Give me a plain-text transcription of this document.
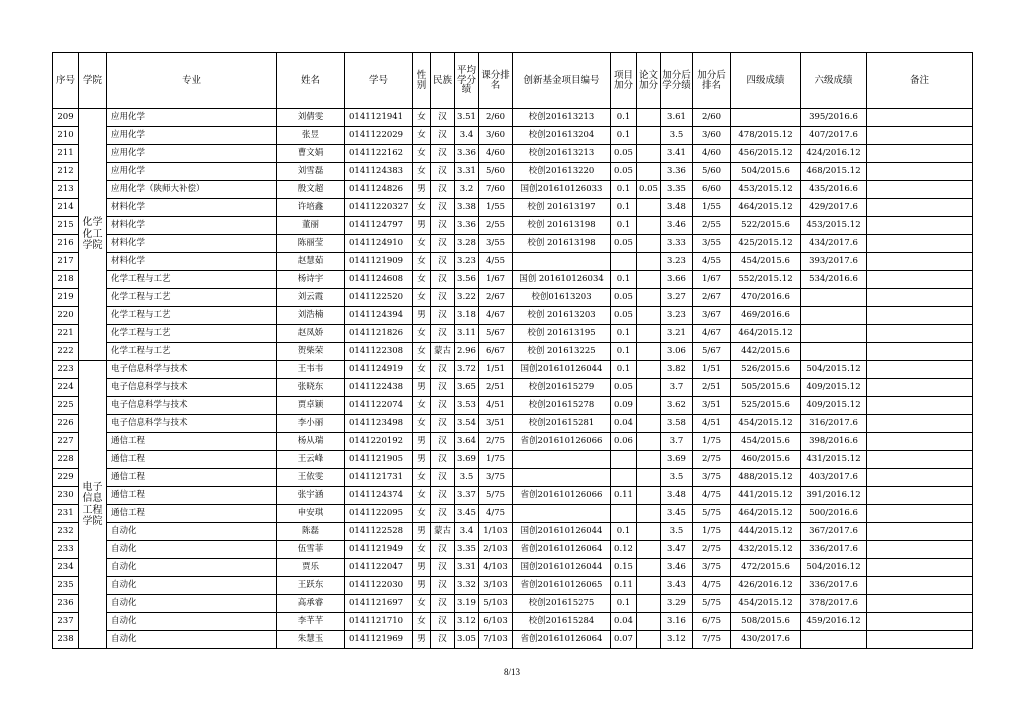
序号	学院	专业	姓名	学号	性别	民族	平均学分绩	课分排名	创新基金项目编号	项目加分	论文加分	加分后学分绩	加分后排名	四级成绩	六级成绩	备注
209	化学化工学院	应用化学	刘倩雯	0141121941	女	汉	3.51	2/60	校创201613213	0.1		3.61	2/60		395/2016.6	
210		应用化学	张昱	0141122029	女	汉	3.4	3/60	校创201613204	0.1		3.5	3/60	478/2015.12	407/2017.6	
211		应用化学	曹文娟	0141122162	女	汉	3.36	4/60	校创201613213	0.05		3.41	4/60	456/2015.12	424/2016.12	
212		应用化学	刘雪磊	0141124383	女	汉	3.31	5/60	校创201613220	0.05		3.36	5/60	504/2015.6	468/2015.12	
213		应用化学（陕师大补偿）	殷文超	0141124826	男	汉	3.2	7/60	国创201610126033	0.1	0.05	3.35	6/60	453/2015.12	435/2016.6	
214		材料化学	许培鑫	01411220327	女	汉	3.38	1/55	校创 201613197	0.1		3.48	1/55	464/2015.12	429/2017.6	
215		材料化学	董丽	0141124797	男	汉	3.36	2/55	校创 201613198	0.1		3.46	2/55	522/2015.6	453/2015.12	
216		材料化学	陈丽莹	0141124910	女	汉	3.28	3/55	校创 201613198	0.05		3.33	3/55	425/2015.12	434/2017.6	
217		材料化学	赵慧茹	0141121909	女	汉	3.23	4/55				3.23	4/55	454/2015.6	393/2017.6	
218		化学工程与工艺	杨诗宇	0141124608	女	汉	3.56	1/67	国创 201610126034	0.1		3.66	1/67	552/2015.12	534/2016.6	
219		化学工程与工艺	刘云霞	0141122520	女	汉	3.22	2/67	校创01613203	0.05		3.27	2/67	470/2016.6		
220		化学工程与工艺	刘浩楠	0141124394	男	汉	3.18	4/67	校创 201613203	0.05		3.23	3/67	469/2016.6		
221		化学工程与工艺	赵凤娇	0141121826	女	汉	3.11	5/67	校创 201613195	0.1		3.21	4/67	464/2015.12		
222		化学工程与工艺	贺柴荣	0141122308	女	蒙古	2.96	6/67	校创 201613225	0.1		3.06	5/67	442/2015.6		
223	电子信息工程学院	电子信息科学与技术	王韦韦	0141124919	女	汉	3.72	1/51	国创201610126044	0.1		3.82	1/51	526/2015.6	504/2015.12	
224		电子信息科学与技术	张晓东	0141122438	男	汉	3.65	2/51	校创201615279	0.05		3.7	2/51	505/2015.6	409/2015.12	
225		电子信息科学与技术	贾卓颖	0141122074	女	汉	3.53	4/51	校创201615278	0.09		3.62	3/51	525/2015.6	409/2015.12	
226		电子信息科学与技术	李小丽	0141123498	女	汉	3.54	3/51	校创201615281	0.04		3.58	4/51	454/2015.12	316/2017.6	
227		通信工程	杨从瑞	0141220192	男	汉	3.64	2/75	省创201610126066	0.06		3.7	1/75	454/2015.6	398/2016.6	
228		通信工程	王云峰	0141121905	男	汉	3.69	1/75				3.69	2/75	460/2015.6	431/2015.12	
229		通信工程	王依雯	0141121731	女	汉	3.5	3/75				3.5	3/75	488/2015.12	403/2017.6	
230		通信工程	张宇涵	0141124374	女	汉	3.37	5/75	省创201610126066	0.11		3.48	4/75	441/2015.12	391/2016.12	
231		通信工程	申安琪	0141122095	女	汉	3.45	4/75				3.45	5/75	464/2015.12	500/2016.6	
232		自动化	陈磊	0141122528	男	蒙古	3.4	1/103	国创201610126044	0.1		3.5	1/75	444/2015.12	367/2017.6	
233		自动化	伍雪菲	0141121949	女	汉	3.35	2/103	省创201610126064	0.12		3.47	2/75	432/2015.12	336/2017.6	
234		自动化	贾乐	0141122047	男	汉	3.31	4/103	国创201610126044	0.15		3.46	3/75	472/2015.6	504/2016.12	
235		自动化	王跃东	0141122030	男	汉	3.32	3/103	省创201610126065	0.11		3.43	4/75	426/2016.12	336/2017.6	
236		自动化	高承睿	0141121697	女	汉	3.19	5/103	校创201615275	0.1		3.29	5/75	454/2015.12	378/2017.6	
237		自动化	李芊芊	0141121710	女	汉	3.12	6/103	校创201615284	0.04		3.16	6/75	508/2015.6	459/2016.12	
238		自动化	朱慧玉	0141121969	男	汉	3.05	7/103	省创201610126064	0.07		3.12	7/75	430/2017.6		
8/13
